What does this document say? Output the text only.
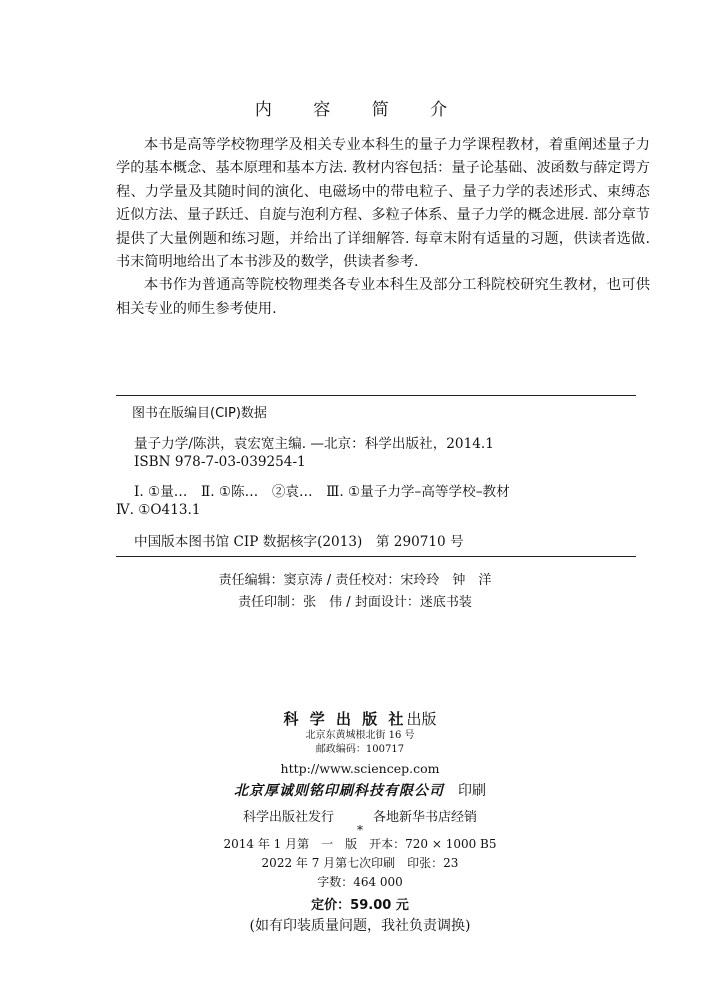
内 容 简 介

本书是高等学校物理学及相关专业本科生的量子力学课程教材，着重阐述量子力学的基本概念、基本原理和基本方法. 教材内容包括：量子论基础、波函数与薛定谔方程、力学量及其随时间的演化、电磁场中的带电粒子、量子力学的表述形式、束缚态近似方法、量子跃迁、自旋与泡利方程、多粒子体系、量子力学的概念进展. 部分章节提供了大量例题和练习题，并给出了详细解答. 每章末附有适量的习题，供读者选做. 书末简明地给出了本书涉及的数学，供读者参考.

本书作为普通高等院校物理类各专业本科生及部分工科院校研究生教材，也可供相关专业的师生参考使用.

图书在版编目(CIP)数据
量子力学/陈洪，袁宏宽主编. —北京：科学出版社，2014.1
ISBN 978-7-03-039254-1
Ⅰ. ①量…　Ⅱ. ①陈…　②袁…　Ⅲ. ①量子力学–高等学校–教材
Ⅳ. ①O413.1
中国版本图书馆 CIP 数据核字(2013)　第 290710 号
责任编辑：窦京涛 / 责任校对：宋玲玲　钟　洋
责任印制：张　伟 / 封面设计：迷底书装
科 学 出 版 社出版
北京东黄城根北街 16 号
邮政编码：100717
http://www.sciencep.com
北京厚诚则铭印刷科技有限公司　 印刷
科学出版社发行　　　	各地新华书店经销
*
2014 年 1 月第　一　版　开本：720 × 1000 B5
2022 年 7 月第七次印刷　印张：23
字数：464 000
定价：59.00 元
(如有印装质量问题，我社负责调换)
